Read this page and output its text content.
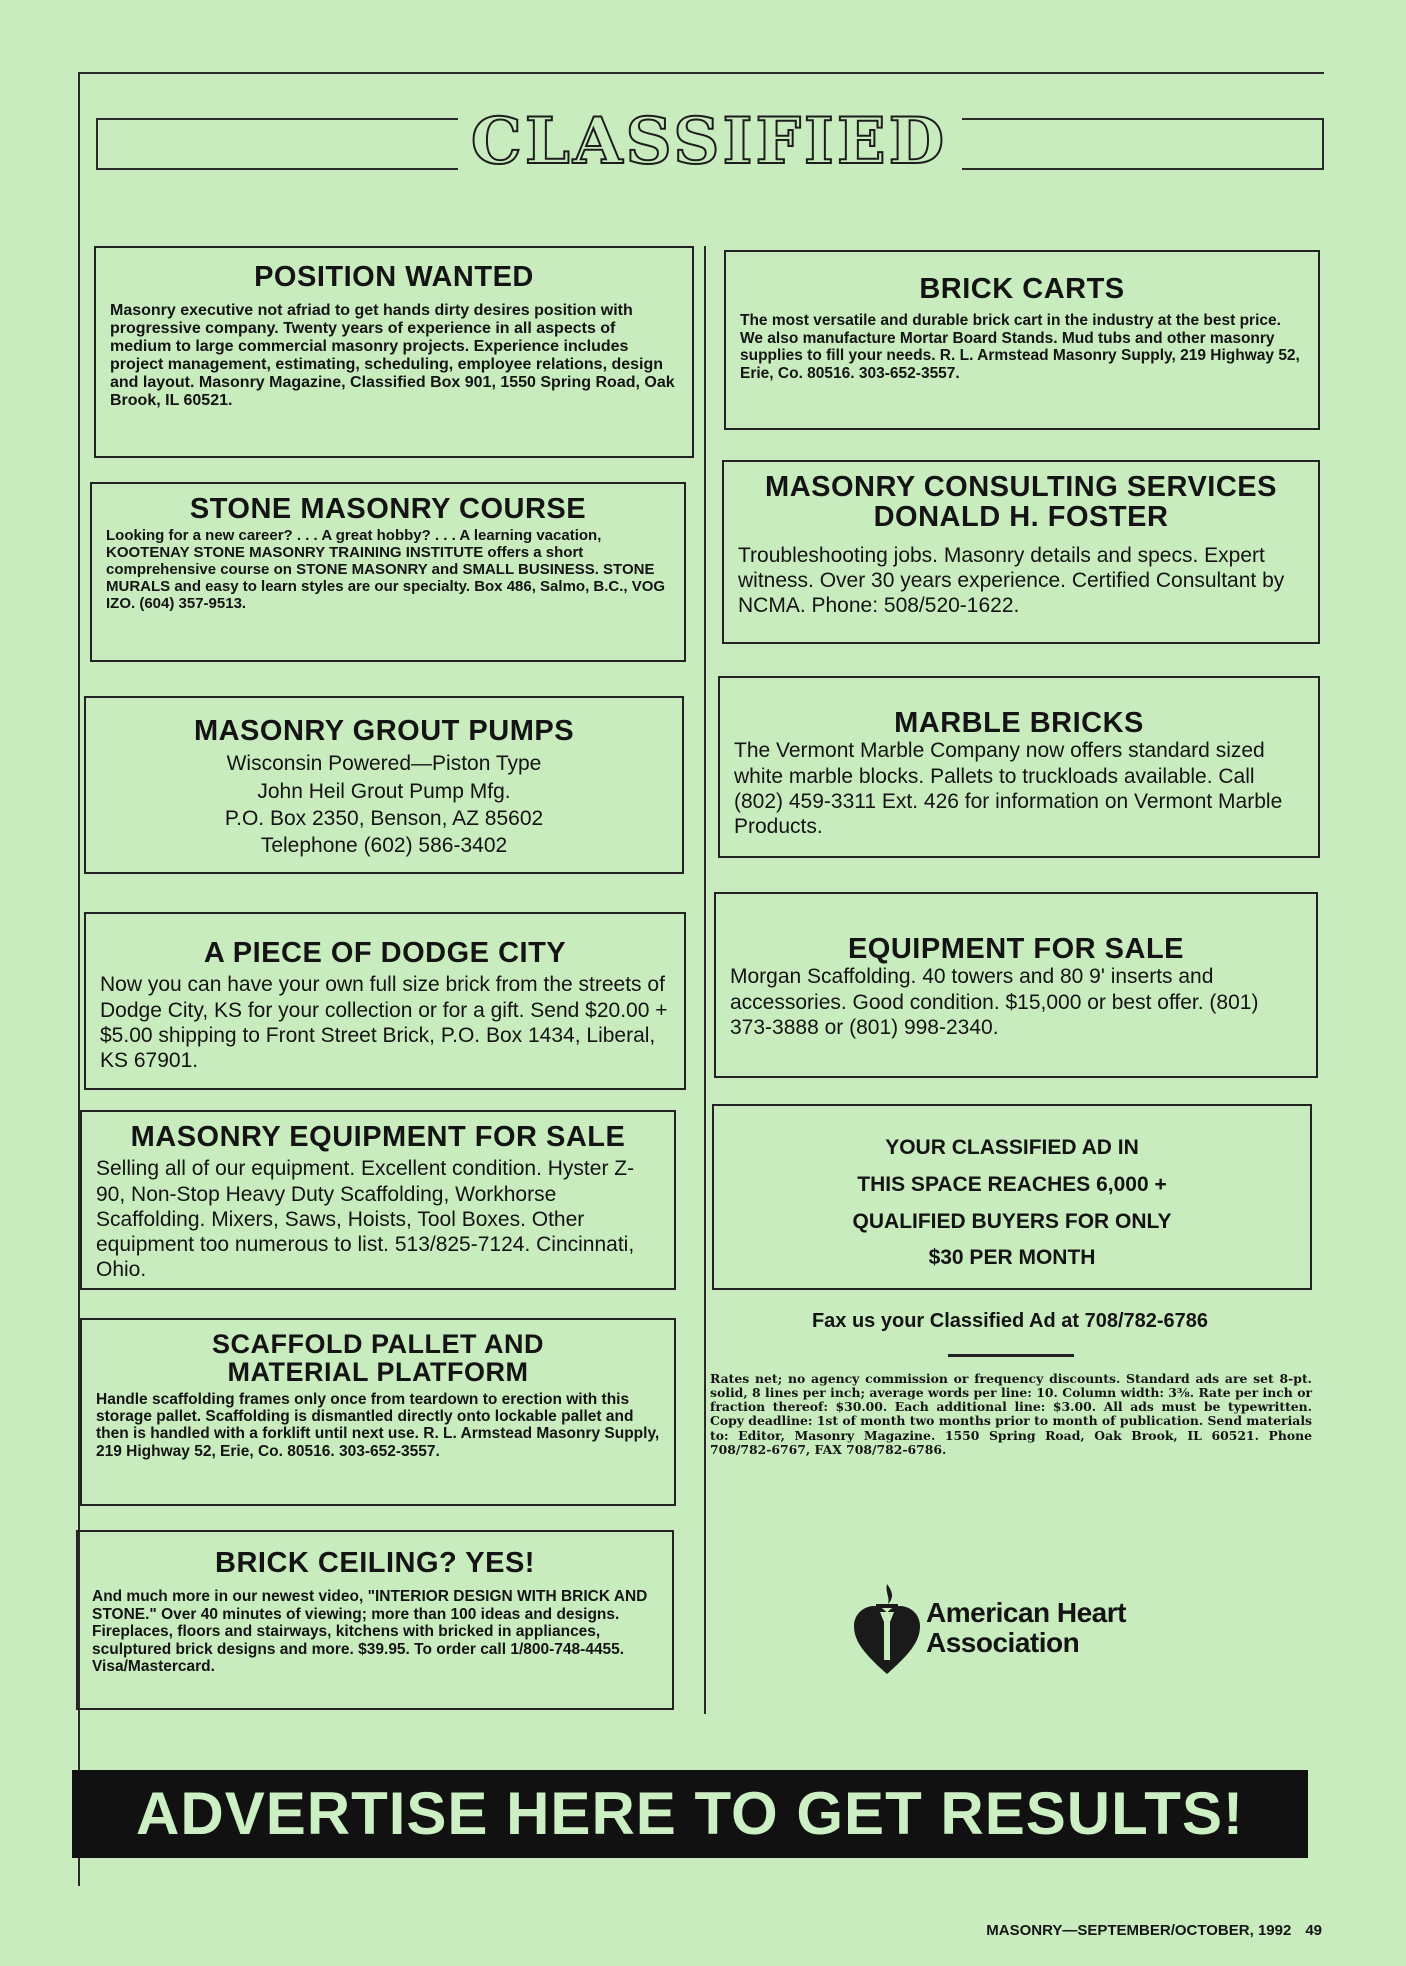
CLASSIFIED
POSITION WANTED

Masonry executive not afriad to get hands dirty desires position with progressive company. Twenty years of experience in all aspects of medium to large commercial masonry projects. Experience includes project management, estimating, scheduling, employee relations, design and layout. Masonry Magazine, Classified Box 901, 1550 Spring Road, Oak Brook, IL 60521.

STONE MASONRY COURSE

Looking for a new career? . . . A great hobby? . . . A learning vacation, KOOTENAY STONE MASONRY TRAINING INSTITUTE offers a short comprehensive course on STONE MASONRY and SMALL BUSINESS. STONE MURALS and easy to learn styles are our specialty. Box 486, Salmo, B.C., VOG IZO. (604) 357-9513.

MASONRY GROUT PUMPS

Wisconsin Powered—Piston Type

John Heil Grout Pump Mfg.

P.O. Box 2350, Benson, AZ 85602

Telephone (602) 586-3402

A PIECE OF DODGE CITY

Now you can have your own full size brick from the streets of Dodge City, KS for your collection or for a gift. Send $20.00 + $5.00 shipping to Front Street Brick, P.O. Box 1434, Liberal, KS 67901.

MASONRY EQUIPMENT FOR SALE

Selling all of our equipment. Excellent condition. Hyster Z-90, Non-Stop Heavy Duty Scaffolding, Workhorse Scaffolding. Mixers, Saws, Hoists, Tool Boxes. Other equipment too numerous to list. 513/825-7124. Cincinnati, Ohio.

SCAFFOLD PALLET AND MATERIAL PLATFORM

Handle scaffolding frames only once from teardown to erection with this storage pallet. Scaffolding is dismantled directly onto lockable pallet and then is handled with a forklift until next use. R. L. Armstead Masonry Supply, 219 Highway 52, Erie, Co. 80516. 303-652-3557.

BRICK CEILING? YES!

And much more in our newest video, "INTERIOR DESIGN WITH BRICK AND STONE." Over 40 minutes of viewing; more than 100 ideas and designs. Fireplaces, floors and stairways, kitchens with bricked in appliances, sculptured brick designs and more. $39.95. To order call 1/800-748-4455. Visa/Mastercard.

BRICK CARTS

The most versatile and durable brick cart in the industry at the best price. We also manufacture Mortar Board Stands. Mud tubs and other masonry supplies to fill your needs. R. L. Armstead Masonry Supply, 219 Highway 52, Erie, Co. 80516. 303-652-3557.

MASONRY CONSULTING SERVICES
DONALD H. FOSTER

Troubleshooting jobs. Masonry details and specs. Expert witness. Over 30 years experience. Certified Consultant by NCMA. Phone: 508/520-1622.

MARBLE BRICKS

The Vermont Marble Company now offers standard sized white marble blocks. Pallets to truckloads available. Call (802) 459-3311 Ext. 426 for information on Vermont Marble Products.

EQUIPMENT FOR SALE

Morgan Scaffolding. 40 towers and 80 9' inserts and accessories. Good condition. $15,000 or best offer. (801) 373-3888 or (801) 998-2340.

YOUR CLASSIFIED AD IN
THIS SPACE REACHES 6,000 +
QUALIFIED BUYERS FOR ONLY
$30 PER MONTH
Fax us your Classified Ad at 708/782-6786
Rates net; no agency commission or frequency discounts. Standard ads are set 8-pt. solid, 8 lines per inch; average words per line: 10. Column width: 3⅜. Rate per inch or fraction thereof: $30.00. Each additional line: $3.00. All ads must be typewritten. Copy deadline: 1st of month two months prior to month of publication. Send materials to: Editor, Masonry Magazine. 1550 Spring Road, Oak Brook, IL 60521. Phone 708/782-6767, FAX 708/782-6786.
American Heart
Association
ADVERTISE HERE TO GET RESULTS!
MASONRY—SEPTEMBER/OCTOBER, 1992 49
